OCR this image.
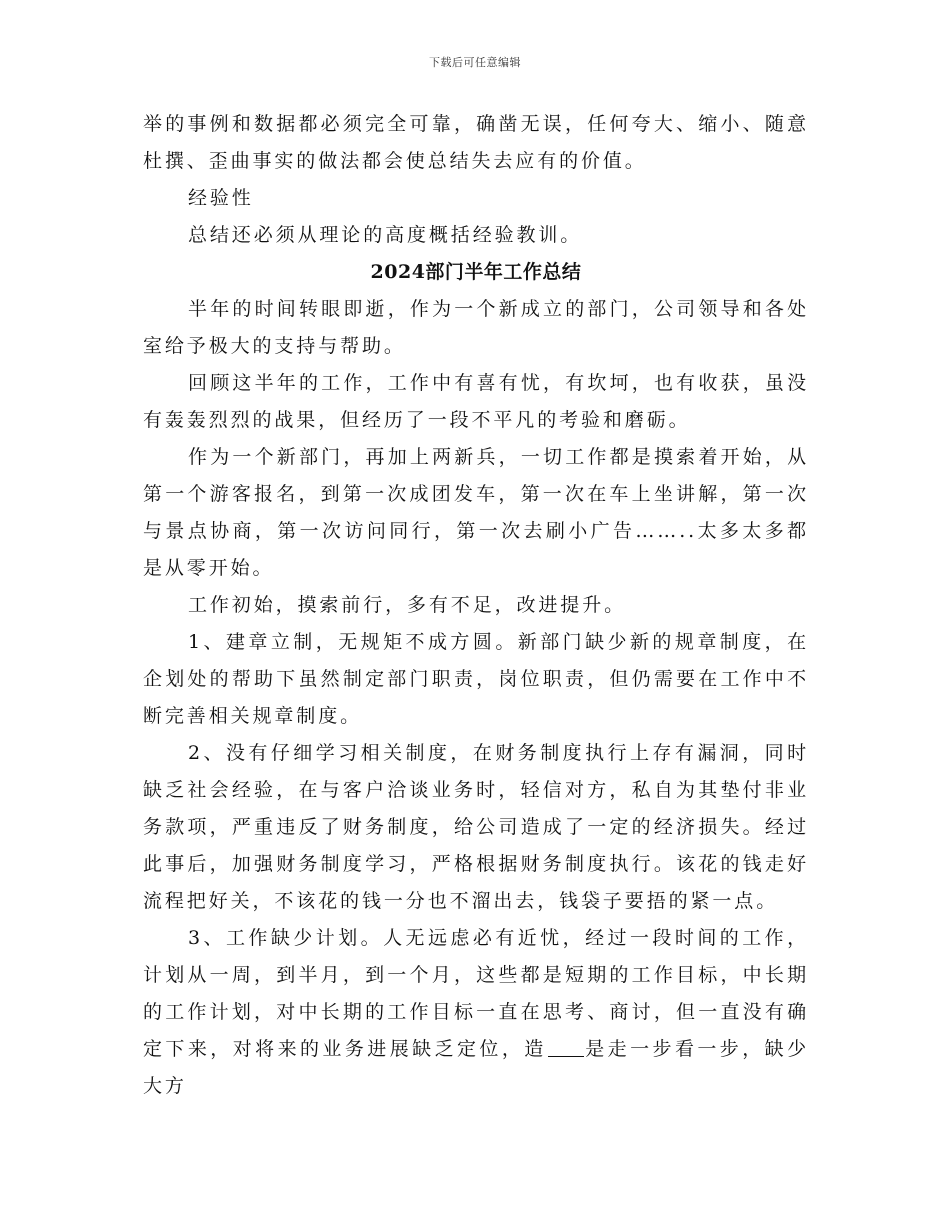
下载后可任意编辑

举的事例和数据都必须完全可靠，确凿无误，任何夸大、缩小、随意杜撰、歪曲事实的做法都会使总结失去应有的价值。

经验性

总结还必须从理论的高度概括经验教训。

2024部门半年工作总结

半年的时间转眼即逝，作为一个新成立的部门，公司领导和各处室给予极大的支持与帮助。

回顾这半年的工作，工作中有喜有忧，有坎坷，也有收获，虽没有轰轰烈烈的战果，但经历了一段不平凡的考验和磨砺。

作为一个新部门，再加上两新兵，一切工作都是摸索着开始，从第一个游客报名，到第一次成团发车，第一次在车上坐讲解，第一次与景点协商，第一次访问同行，第一次去刷小广告……..太多太多都是从零开始。

工作初始，摸索前行，多有不足，改进提升。

1、建章立制，无规矩不成方圆。新部门缺少新的规章制度，在企划处的帮助下虽然制定部门职责，岗位职责，但仍需要在工作中不断完善相关规章制度。

2、没有仔细学习相关制度，在财务制度执行上存有漏洞，同时缺乏社会经验，在与客户洽谈业务时，轻信对方，私自为其垫付非业务款项，严重违反了财务制度，给公司造成了一定的经济损失。经过此事后，加强财务制度学习，严格根据财务制度执行。该花的钱走好流程把好关，不该花的钱一分也不溜出去，钱袋子要捂的紧一点。

3、工作缺少计划。人无远虑必有近忧，经过一段时间的工作，计划从一周，到半月，到一个月，这些都是短期的工作目标，中长期的工作计划，对中长期的工作目标一直在思考、商讨，但一直没有确定下来，对将来的业务进展缺乏定位，造 是走一步看一步，缺少大方
